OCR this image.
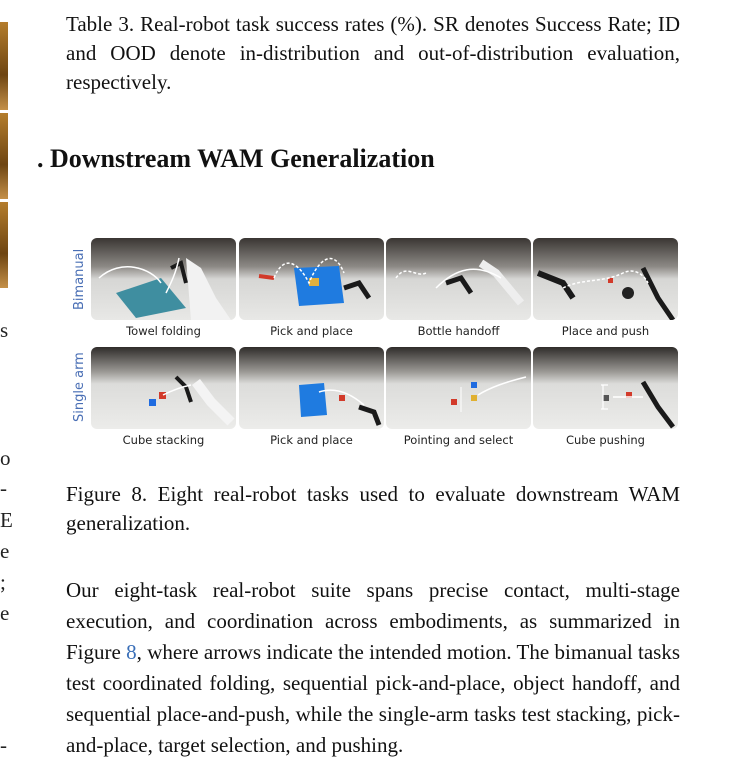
s
o
-
E
e
;
e
-
Table 3. Real-robot task success rates (%). SR denotes Success Rate; ID and OOD denote in-distribution and out-of-distribution evaluation, respectively.
. Downstream WAM Generalization
Bimanual
Single arm
Towel folding	Pick and place	Bottle handoff	Place and push
Cube stacking	Pick and place	Pointing and select	Cube pushing
Figure 8. Eight real-robot tasks used to evaluate downstream WAM generalization.
Our eight-task real-robot suite spans precise contact, multi-stage execution, and coordination across embodiments, as summarized in Figure 8, where arrows indicate the intended motion. The bimanual tasks test coordinated folding, sequential pick-and-place, object handoff, and sequential place-and-push, while the single-arm tasks test stacking, pick-and-place, target selection, and pushing.
